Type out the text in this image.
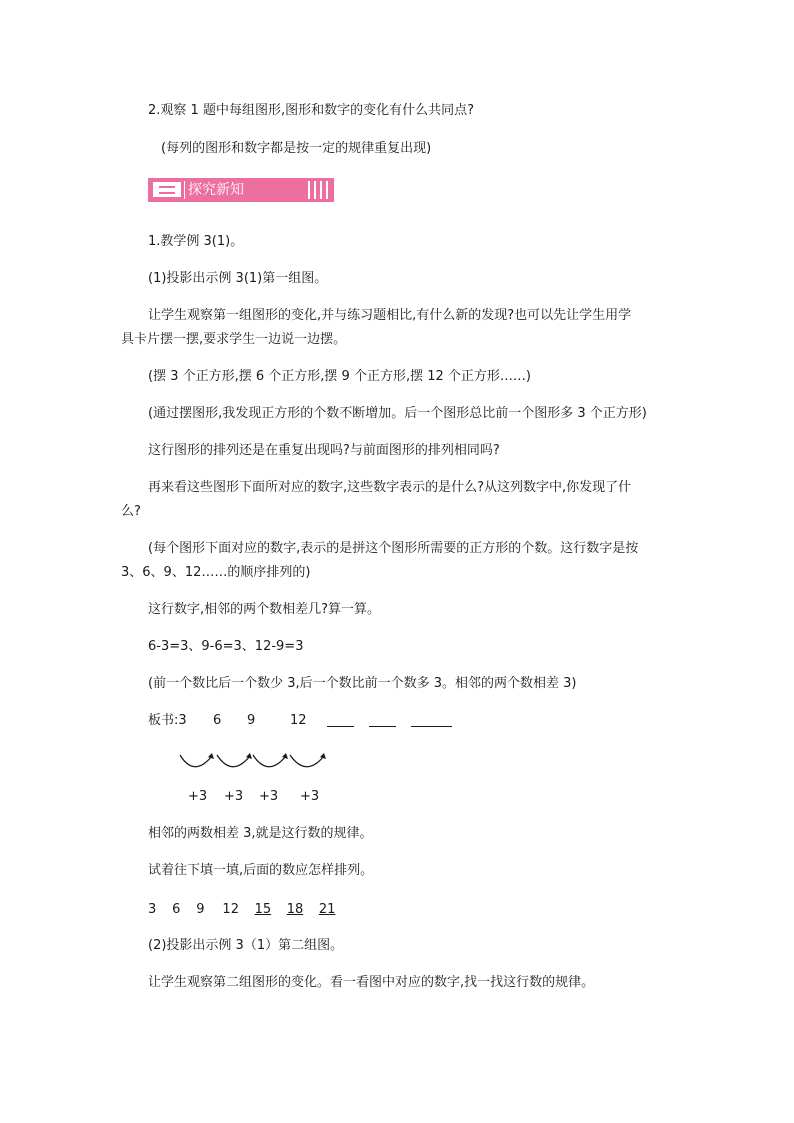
2.观察 1 题中每组图形,图形和数字的变化有什么共同点?
(每列的图形和数字都是按一定的规律重复出现)
探究新知
1.教学例 3(1)。
(1)投影出示例 3(1)第一组图。
让学生观察第一组图形的变化,并与练习题相比,有什么新的发现?也可以先让学生用学
具卡片摆一摆,要求学生一边说一边摆。
(摆 3 个正方形,摆 6 个正方形,摆 9 个正方形,摆 12 个正方形……)
(通过摆图形,我发现正方形的个数不断增加。后一个图形总比前一个图形多 3 个正方形)
这行图形的排列还是在重复出现吗?与前面图形的排列相同吗?
再来看这些图形下面所对应的数字,这些数字表示的是什么?从这列数字中,你发现了什
么?
(每个图形下面对应的数字,表示的是拼这个图形所需要的正方形的个数。这行数字是按
3、6、9、12……的顺序排列的)
这行数字,相邻的两个数相差几?算一算。
6-3=3、9-6=3、12-9=3
(前一个数比后一个数少 3,后一个数比前一个数多 3。相邻的两个数相差 3)
板书:3 6 9	12
+3 +3 +3 +3
相邻的两数相差 3,就是这行数的规律。
试着往下填一填,后面的数应怎样排列。
3 6 9 12 15 18 21
(2)投影出示例 3（1）第二组图。
让学生观察第二组图形的变化。看一看图中对应的数字,找一找这行数的规律。
